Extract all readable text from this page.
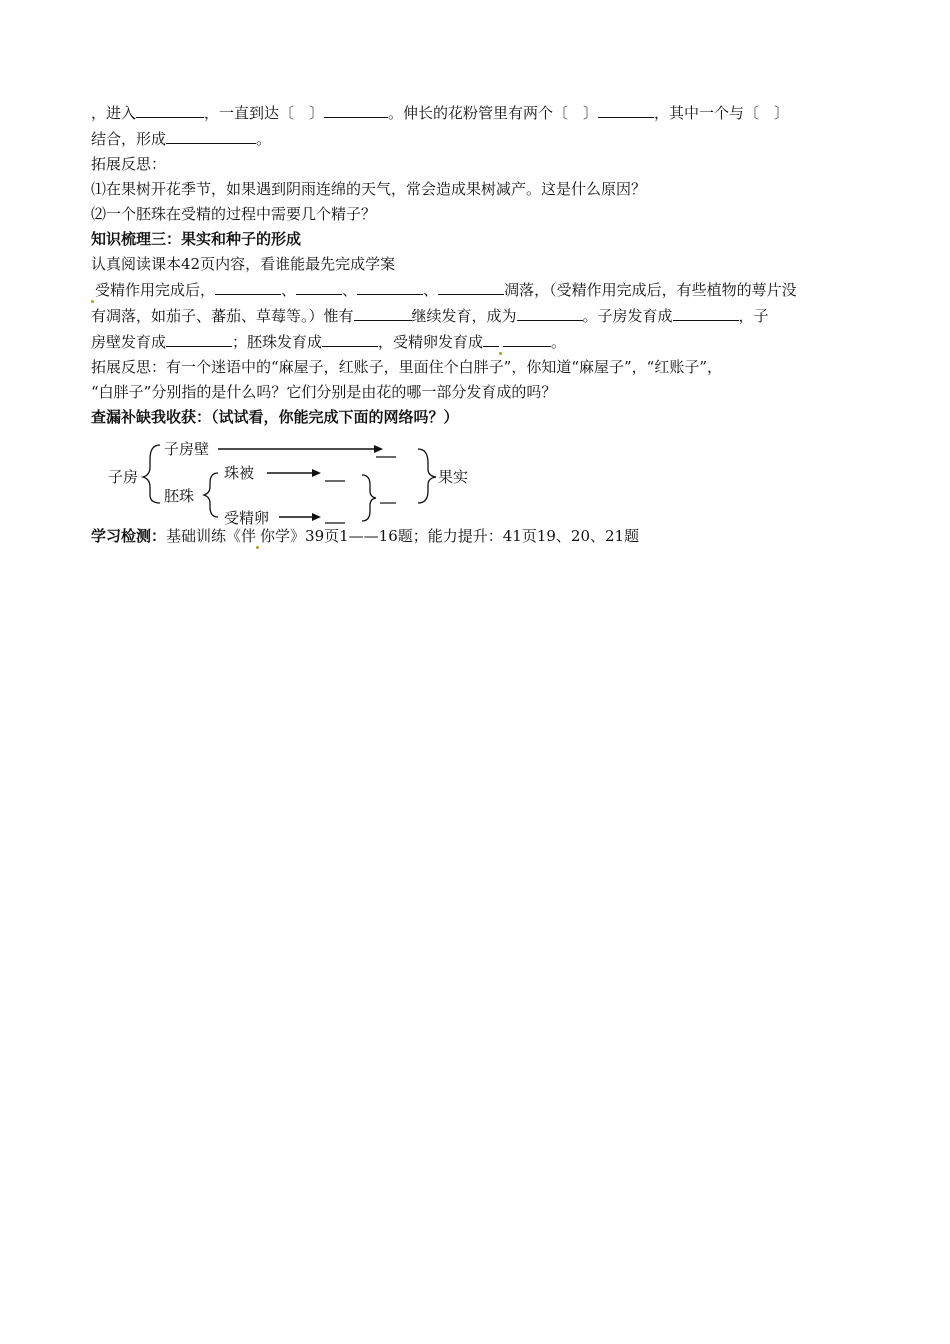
，进入	，一直到达〔　〕	。伸长的花粉管里有两个〔　〕	，其中一个与〔　〕
结合，形成	。
拓展反思：
⑴在果树开花季节，如果遇到阴雨连绵的天气，常会造成果树减产。这是什么原因？
⑵一个胚珠在受精的过程中需要几个精子？
知识梳理三：果实和种子的形成
认真阅读课本42页内容，看谁能最先完成学案
受精作用完成后，	、	、	、	凋落，（受精作用完成后，有些植物的萼片没
有凋落，如茄子、蕃茄、草莓等。）惟有	继续发育，成为	。子房发育成	，子
房壁发育成	；胚珠发育成	，受精卵发育成	。
拓展反思：有一个迷语中的“麻屋子，红账子，里面住个白胖子”，你知道“麻屋子”，“红账子”，
“白胖子”分别指的是什么吗？它们分别是由花的哪一部分发育成的吗？
查漏补缺我收获：（试试看，你能完成下面的网络吗？）
子房
子房壁
胚珠
珠被
受精卵
果实
学习检测：基础训练《伴 你学》39页1——16题；能力提升：41页19、20、21题
